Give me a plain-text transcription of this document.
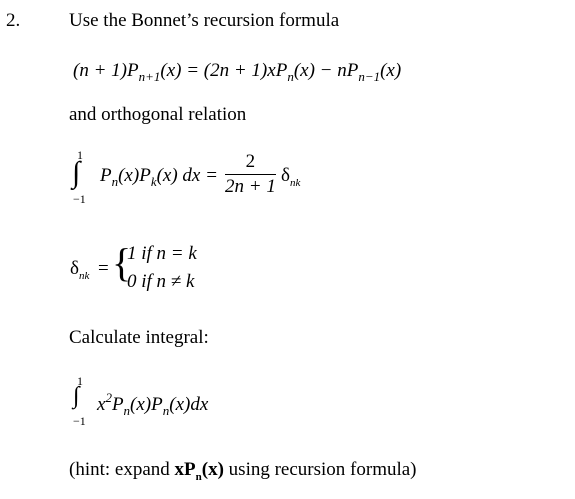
2.	Use the Bonnet’s recursion formula
$(n + 1)P_{n+1}(x) = (2n + 1)xP_n(x) - nP_{n-1}(x)$
and orthogonal relation
1
∫
−1
$P_n(x)P_k(x)$ dx = $\frac{2}{2n + 1} \delta_{nk}$
$\delta_{nk}$ = {
1 if n = k
0 if n ≠ k
Calculate integral:
1
∫
−1
$x^2P_n(x)P_n(x)dx$
(hint: expand $xP_n(x)$ using recursion formula)
